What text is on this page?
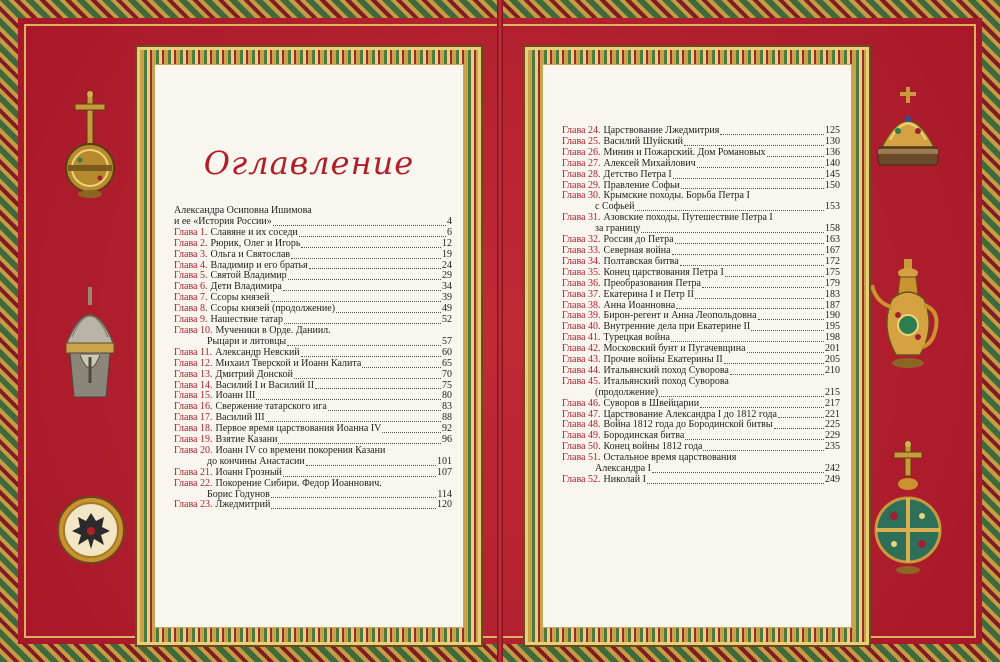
Оглавление
Александра Осиповна Ишимова
и ее «История России»	4
Глава 1. Славяне и их соседи	6
Глава 2. Рюрик, Олег и Игорь	12
Глава 3. Ольга и Святослав	19
Глава 4. Владимир и его братья	24
Глава 5. Святой Владимир	29
Глава 6. Дети Владимира	34
Глава 7. Ссоры князей	39
Глава 8. Ссоры князей (продолжение)	49
Глава 9. Нашествие татар	52
Глава 10. Мученики в Орде. Даниил.
Рыцари и литовцы	57
Глава 11. Александр Невский	60
Глава 12. Михаил Тверской и Иоанн Калита	65
Глава 13. Дмитрий Донской	70
Глава 14. Василий I и Василий II	75
Глава 15. Иоанн III	80
Глава 16. Свержение татарского ига	83
Глава 17. Василий III	88
Глава 18. Первое время царствования Иоанна IV	92
Глава 19. Взятие Казани	96
Глава 20. Иоанн IV со времени покорения Казани
до кончины Анастасии	101
Глава 21. Иоанн Грозный	107
Глава 22. Покорение Сибири. Федор Иоаннович.
Борис Годунов	114
Глава 23. Лжедмитрий	120
Глава 24. Царствование Лжедмитрия	125
Глава 25. Василий Шуйский	130
Глава 26. Минин и Пожарский. Дом Романовых	136
Глава 27. Алексей Михайлович	140
Глава 28. Детство Петра I	145
Глава 29. Правление Софьи	150
Глава 30. Крымские походы. Борьба Петра I
с Софьей	153
Глава 31. Азовские походы. Путешествие Петра I
за границу	158
Глава 32. Россия до Петра	163
Глава 33. Северная война	167
Глава 34. Полтавская битва	172
Глава 35. Конец царствования Петра I	175
Глава 36. Преобразования Петра	179
Глава 37. Екатерина I и Петр II	183
Глава 38. Анна Иоанновна	187
Глава 39. Бирон-регент и Анна Леопольдовна	190
Глава 40. Внутренние дела при Екатерине II	195
Глава 41. Турецкая война	198
Глава 42. Московский бунт и Пугачевщина	201
Глава 43. Прочие войны Екатерины II	205
Глава 44. Итальянский поход Суворова	210
Глава 45. Итальянский поход Суворова
(продолжение)	215
Глава 46. Суворов в Швейцарии	217
Глава 47. Царствование Александра I до 1812 года	221
Глава 48. Война 1812 года до Бородинской битвы	225
Глава 49. Бородинская битва	229
Глава 50. Конец войны 1812 года	235
Глава 51. Остальное время царствования
Александра I	242
Глава 52. Николай I	249
